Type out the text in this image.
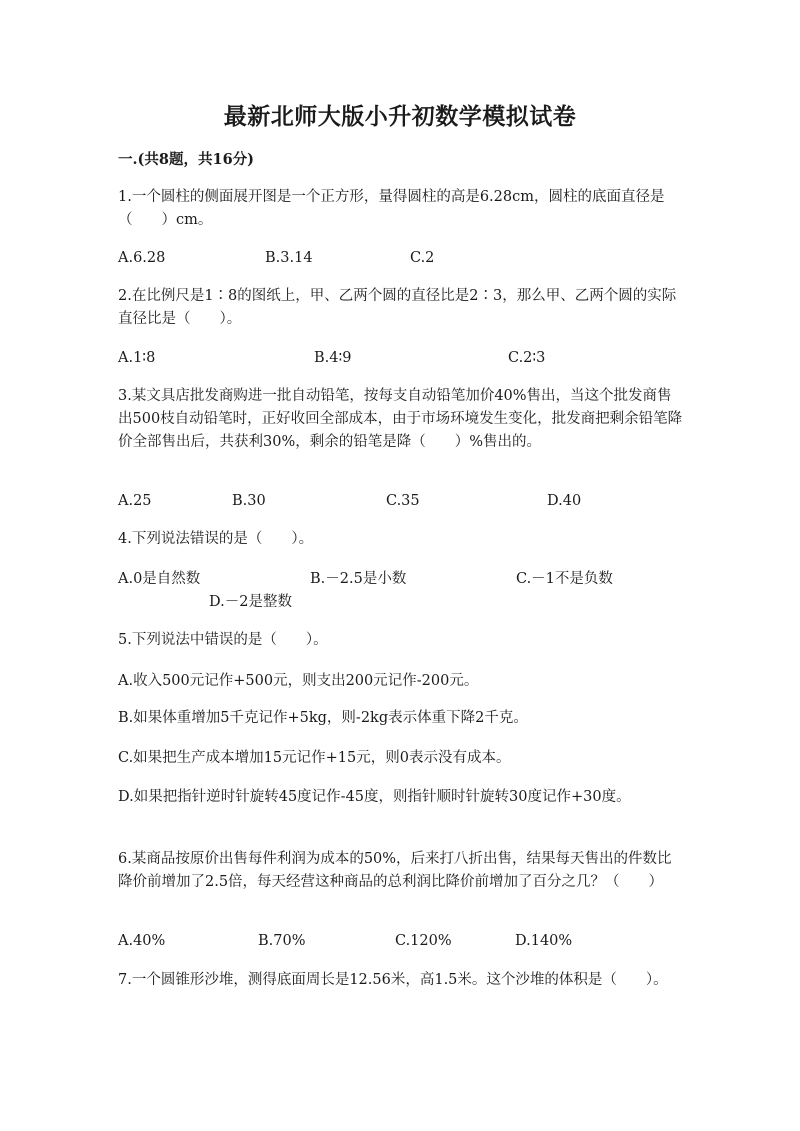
最新北师大版小升初数学模拟试卷
一.(共8题，共16分)
1.一个圆柱的侧面展开图是一个正方形，量得圆柱的高是6.28cm，圆柱的底面直径是（　　）cm。
A.6.28	B.3.14	C.2
2.在比例尺是1∶8的图纸上，甲、乙两个圆的直径比是2∶3，那么甲、乙两个圆的实际直径比是（　　）。
A.1∶8	B.4∶9	C.2∶3
3.某文具店批发商购进一批自动铅笔，按每支自动铅笔加价40%售出，当这个批发商售出500枝自动铅笔时，正好收回全部成本，由于市场环境发生变化，批发商把剩余铅笔降价全部售出后，共获利30%，剩余的铅笔是降（　　）%售出的。
A.25	B.30	C.35	D.40
4.下列说法错误的是（　　）。
A.0是自然数	B.－2.5是小数	C.－1不是负数
D.－2是整数
5.下列说法中错误的是（　　）。
A.收入500元记作+500元，则支出200元记作-200元。
B.如果体重增加5千克记作+5kg，则-2kg表示体重下降2千克。
C.如果把生产成本增加15元记作+15元，则0表示没有成本。
D.如果把指针逆时针旋转45度记作-45度，则指针顺时针旋转30度记作+30度。
6.某商品按原价出售每件利润为成本的50%，后来打八折出售，结果每天售出的件数比降价前增加了2.5倍，每天经营这种商品的总利润比降价前增加了百分之几？（　　）
A.40%	B.70%	C.120%	D.140%
7.一个圆锥形沙堆，测得底面周长是12.56米，高1.5米。这个沙堆的体积是（　　）。
